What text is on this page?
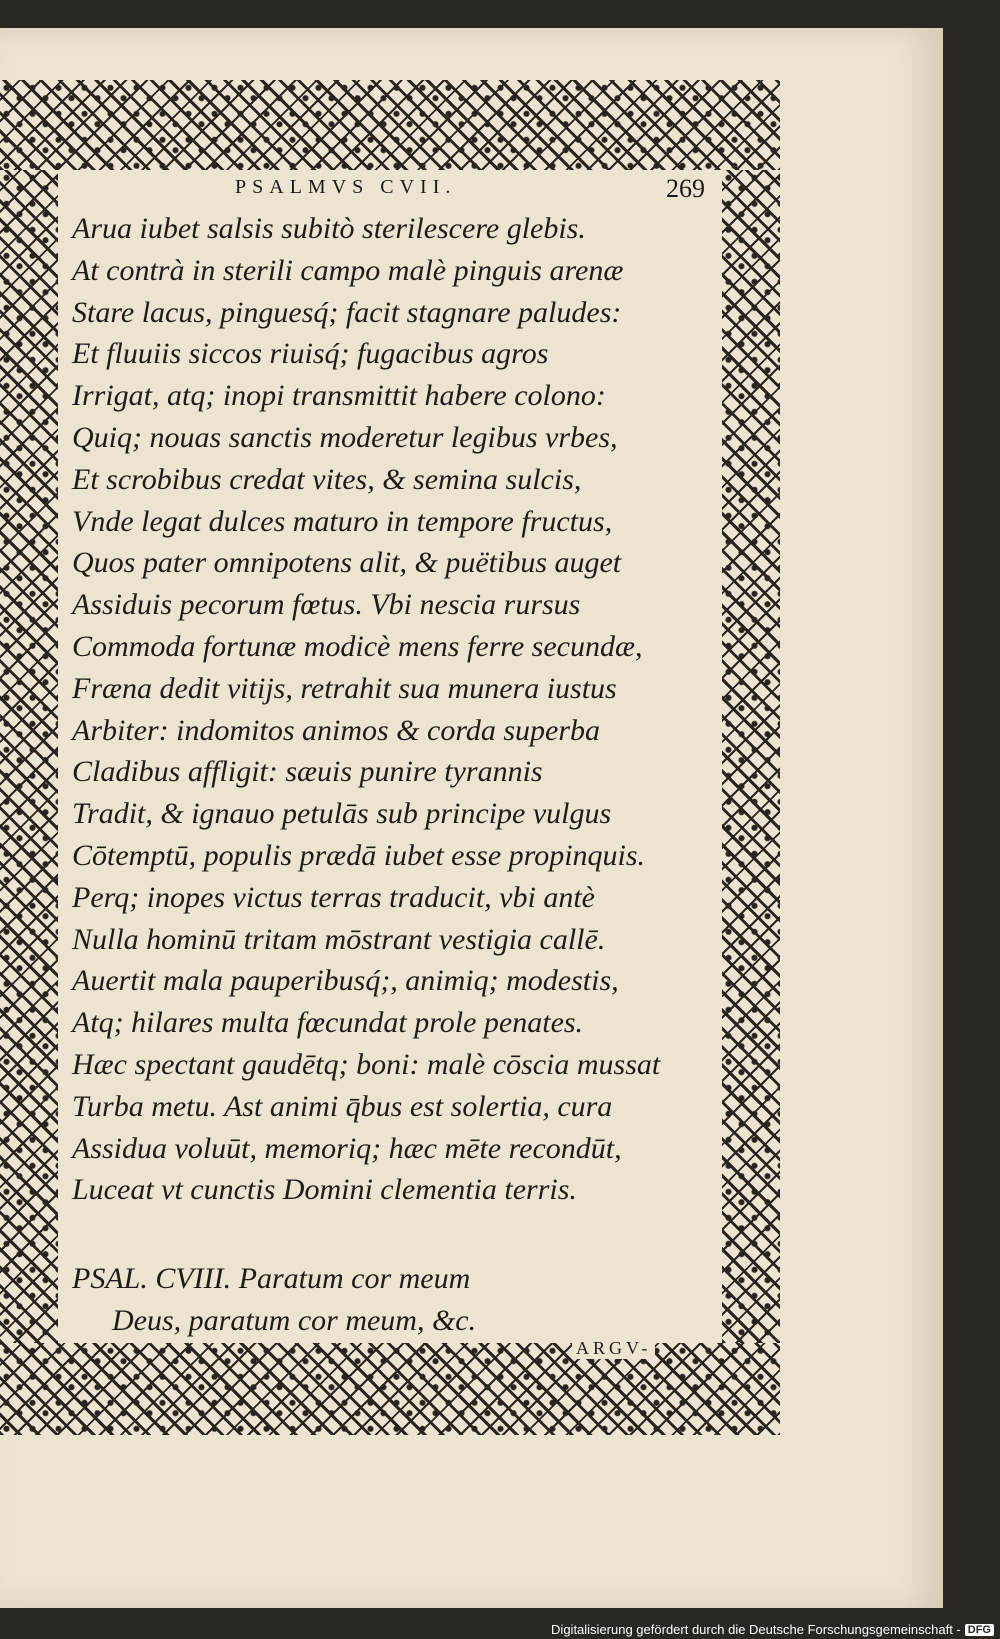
PSALMVS CVII.	269
Arua iubet salsis subitò sterilescere glebis.
At contrà in sterili campo malè pinguis arenæ
Stare lacus, pinguesq́; facit stagnare paludes:
Et fluuiis siccos riuisq́; fugacibus agros
Irrigat, atq; inopi transmittit habere colono:
Quiq; nouas sanctis moderetur legibus vrbes,
Et scrobibus credat vites, & semina sulcis,
Vnde legat dulces maturo in tempore fructus,
Quos pater omnipotens alit, & puëtibus auget
Assiduis pecorum fœtus. Vbi nescia rursus
Commoda fortunæ modicè mens ferre secundæ,
Fræna dedit vitijs, retrahit sua munera iustus
Arbiter: indomitos animos & corda superba
Cladibus affligit: sæuis punire tyrannis
Tradit, & ignauo petulās sub principe vulgus
Cōtemptū, populis prædā iubet esse propinquis.
Perq; inopes victus terras traducit, vbi antè
Nulla hominū tritam mōstrant vestigia callē.
Auertit mala pauperibusq́;, animiq; modestis,
Atq; hilares multa fœcundat prole penates.
Hæc spectant gaudētq; boni: malè cōscia mussat
Turba metu. Ast animi q̄bus est solertia, cura
Assidua voluūt, memoriq; hæc mēte recondūt,
Luceat vt cunctis Domini clementia terris.
PSAL. CVIII. Paratum cor meum
Deus, paratum cor meum, &c.
ARGV-
Digitalisierung gefördert durch die Deutsche Forschungsgemeinschaft - DFG
